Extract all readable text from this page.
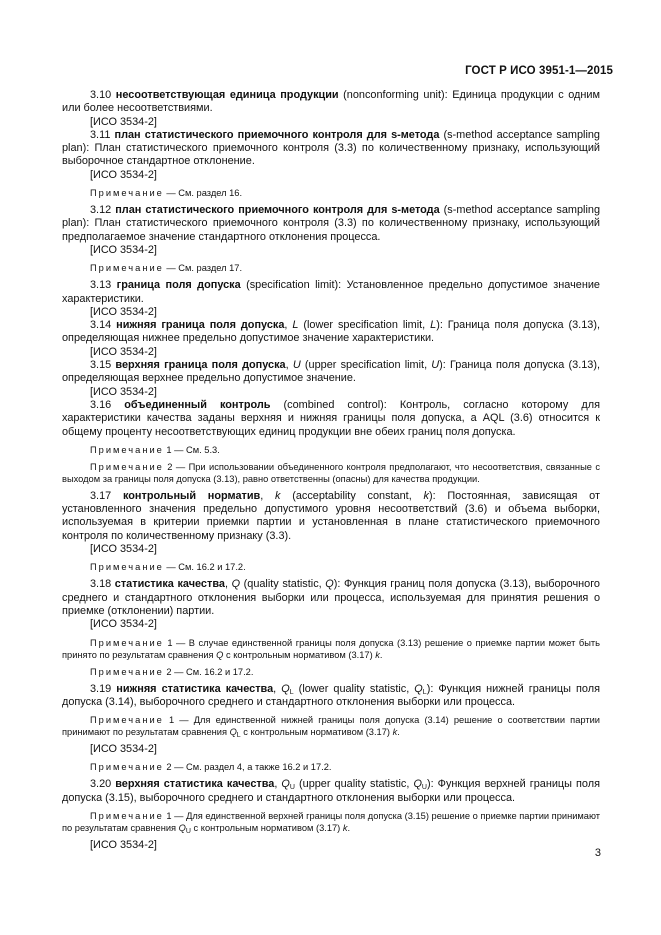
ГОСТ Р ИСО 3951-1—2015

3.10 несоответствующая единица продукции (nonconforming unit): Единица продукции с одним или более несоответствиями.

[ИСО 3534-2]

3.11 план статистического приемочного контроля для s-метода (s-method acceptance sampling plan): План статистического приемочного контроля (3.3) по количественному признаку, использующий выборочное стандартное отклонение.

[ИСО 3534-2]

Примечание — См. раздел 16.

3.12 план статистического приемочного контроля для s-метода (s-method acceptance sampling plan): План статистического приемочного контроля (3.3) по количественному признаку, использующий предполагаемое значение стандартного отклонения процесса.

[ИСО 3534-2]

Примечание — См. раздел 17.

3.13 граница поля допуска (specification limit): Установленное предельно допустимое значение характеристики.

[ИСО 3534-2]

3.14 нижняя граница поля допуска, L (lower specification limit, L): Граница поля допуска (3.13), определяющая нижнее предельно допустимое значение характеристики.

[ИСО 3534-2]

3.15 верхняя граница поля допуска, U (upper specification limit, U): Граница поля допуска (3.13), определяющая верхнее предельно допустимое значение.

[ИСО 3534-2]

3.16 объединенный контроль (combined control): Контроль, согласно которому для характеристики качества заданы верхняя и нижняя границы поля допуска, а AQL (3.6) относится к общему проценту несоответствующих единиц продукции вне обеих границ поля допуска.

Примечание 1 — См. 5.3.

Примечание 2 — При использовании объединенного контроля предполагают, что несоответствия, связанные с выходом за границы поля допуска (3.13), равно ответственны (опасны) для качества продукции.

3.17 контрольный норматив, k (acceptability constant, k): Постоянная, зависящая от установленного значения предельно допустимого уровня несоответствий (3.6) и объема выборки, используемая в критерии приемки партии и установленная в плане статистического приемочного контроля по количественному признаку (3.3).

[ИСО 3534-2]

Примечание — См. 16.2 и 17.2.

3.18 статистика качества, Q (quality statistic, Q): Функция границ поля допуска (3.13), выборочного среднего и стандартного отклонения выборки или процесса, используемая для принятия решения о приемке (отклонении) партии.

[ИСО 3534-2]

Примечание 1 — В случае единственной границы поля допуска (3.13) решение о приемке партии может быть принято по результатам сравнения Q с контрольным нормативом (3.17) k.

Примечание 2 — См. 16.2 и 17.2.

3.19 нижняя статистика качества, $Q_L$ (lower quality statistic, $Q_L$): Функция нижней границы поля допуска (3.14), выборочного среднего и стандартного отклонения выборки или процесса.

Примечание 1 — Для единственной нижней границы поля допуска (3.14) решение о соответствии партии принимают по результатам сравнения $Q_L$ с контрольным нормативом (3.17) k.

[ИСО 3534-2]

Примечание 2 — См. раздел 4, а также 16.2 и 17.2.

3.20 верхняя статистика качества, $Q_U$ (upper quality statistic, $Q_U$): Функция верхней границы поля допуска (3.15), выборочного среднего и стандартного отклонения выборки или процесса.

Примечание 1 — Для единственной верхней границы поля допуска (3.15) решение о приемке партии принимают по результатам сравнения $Q_U$ с контрольным нормативом (3.17) k.

[ИСО 3534-2]

3
